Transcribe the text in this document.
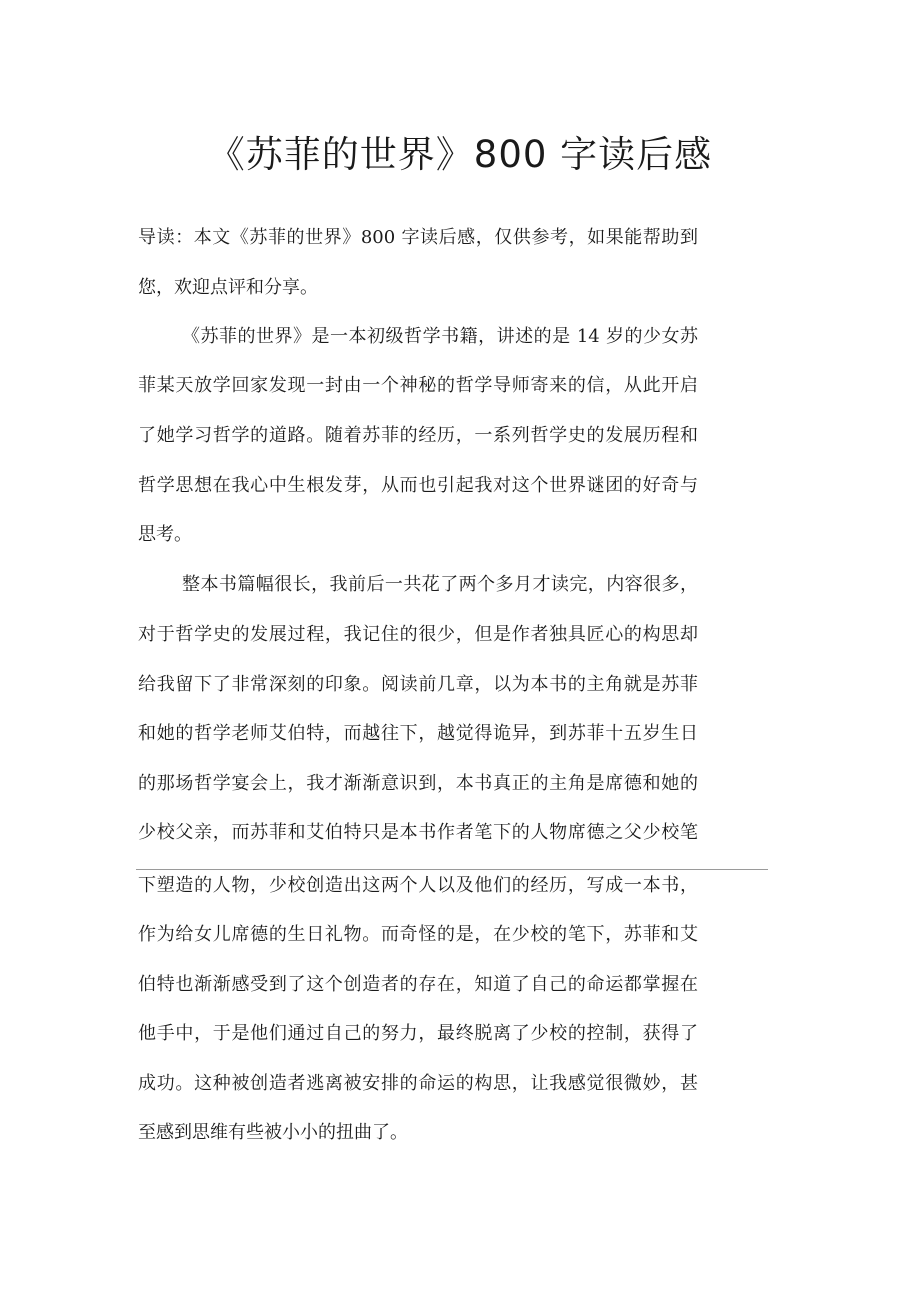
《苏菲的世界》800 字读后感
导读：本文《苏菲的世界》800 字读后感，仅供参考，如果能帮助到
您，欢迎点评和分享。
《苏菲的世界》是一本初级哲学书籍，讲述的是 14 岁的少女苏
菲某天放学回家发现一封由一个神秘的哲学导师寄来的信，从此开启
了她学习哲学的道路。随着苏菲的经历，一系列哲学史的发展历程和
哲学思想在我心中生根发芽，从而也引起我对这个世界谜团的好奇与
思考。
整本书篇幅很长，我前后一共花了两个多月才读完，内容很多，
对于哲学史的发展过程，我记住的很少，但是作者独具匠心的构思却
给我留下了非常深刻的印象。阅读前几章，以为本书的主角就是苏菲
和她的哲学老师艾伯特，而越往下，越觉得诡异，到苏菲十五岁生日
的那场哲学宴会上，我才渐渐意识到，本书真正的主角是席德和她的
少校父亲，而苏菲和艾伯特只是本书作者笔下的人物席德之父少校笔
下塑造的人物，少校创造出这两个人以及他们的经历，写成一本书，
作为给女儿席德的生日礼物。而奇怪的是，在少校的笔下，苏菲和艾
伯特也渐渐感受到了这个创造者的存在，知道了自己的命运都掌握在
他手中，于是他们通过自己的努力，最终脱离了少校的控制，获得了
成功。这种被创造者逃离被安排的命运的构思，让我感觉很微妙，甚
至感到思维有些被小小的扭曲了。
